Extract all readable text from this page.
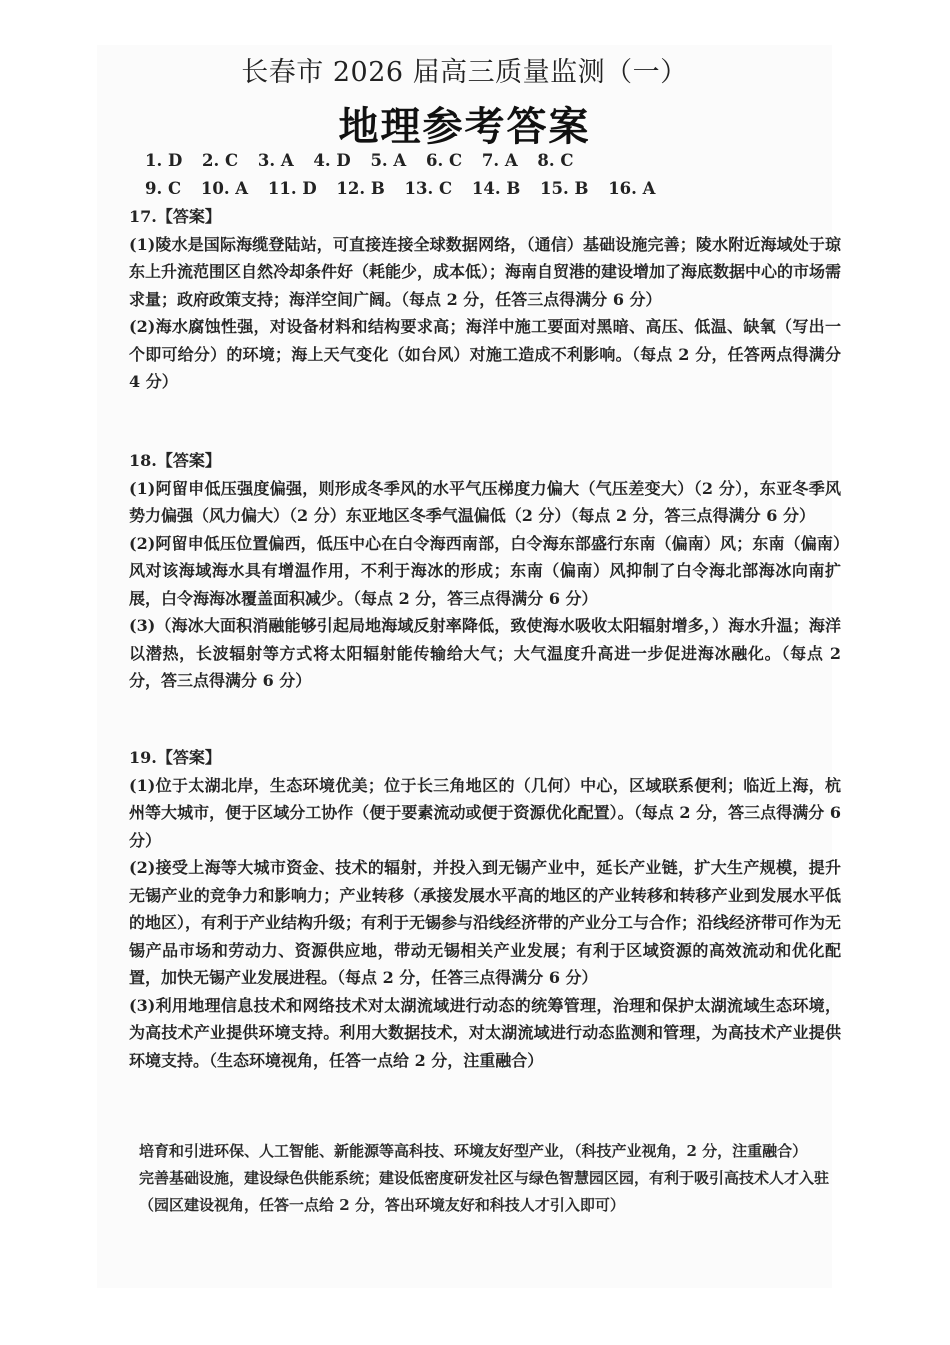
长春市 2026 届高三质量监测（一）
地理参考答案
1. D 2. C 3. A 4. D 5. A 6. C 7. A 8. C
9. C 10. A 11. D 12. B 13. C 14. B 15. B 16. A

17.【答案】

(1)陵水是国际海缆登陆站，可直接连接全球数据网络，（通信）基础设施完善；陵水附近海域处于琼东上升流范围区自然冷却条件好（耗能少，成本低）；海南自贸港的建设增加了海底数据中心的市场需求量；政府政策支持；海洋空间广阔。（每点 2 分，任答三点得满分 6 分）

(2)海水腐蚀性强，对设备材料和结构要求高；海洋中施工要面对黑暗、高压、低温、缺氧（写出一个即可给分）的环境；海上天气变化（如台风）对施工造成不利影响。（每点 2 分，任答两点得满分 4 分）

18.【答案】

(1)阿留申低压强度偏强，则形成冬季风的水平气压梯度力偏大（气压差变大）（2 分），东亚冬季风势力偏强（风力偏大）（2 分）东亚地区冬季气温偏低（2 分）（每点 2 分，答三点得满分 6 分）

(2)阿留申低压位置偏西，低压中心在白令海西南部，白令海东部盛行东南（偏南）风；东南（偏南）风对该海域海水具有增温作用，不利于海冰的形成；东南（偏南）风抑制了白令海北部海冰向南扩展，白令海海冰覆盖面积减少。（每点 2 分，答三点得满分 6 分）

(3)（海冰大面积消融能够引起局地海域反射率降低，致使海水吸收太阳辐射增多，）海水升温；海洋以潜热，长波辐射等方式将太阳辐射能传输给大气；大气温度升高进一步促进海冰融化。（每点 2 分，答三点得满分 6 分）

19.【答案】

(1)位于太湖北岸，生态环境优美；位于长三角地区的（几何）中心，区域联系便利；临近上海，杭州等大城市，便于区域分工协作（便于要素流动或便于资源优化配置）。（每点 2 分，答三点得满分 6 分）

(2)接受上海等大城市资金、技术的辐射，并投入到无锡产业中，延长产业链，扩大生产规模，提升无锡产业的竞争力和影响力；产业转移（承接发展水平高的地区的产业转移和转移产业到发展水平低的地区），有利于产业结构升级；有利于无锡参与沿线经济带的产业分工与合作；沿线经济带可作为无锡产品市场和劳动力、资源供应地，带动无锡相关产业发展；有利于区域资源的高效流动和优化配置，加快无锡产业发展进程。（每点 2 分，任答三点得满分 6 分）

(3)利用地理信息技术和网络技术对太湖流域进行动态的统筹管理，治理和保护太湖流域生态环境，为高技术产业提供环境支持。利用大数据技术，对太湖流域进行动态监测和管理，为高技术产业提供环境支持。（生态环境视角，任答一点给 2 分，注重融合）

培育和引进环保、人工智能、新能源等高科技、环境友好型产业，（科技产业视角，2 分，注重融合）

完善基础设施，建设绿色供能系统；建设低密度研发社区与绿色智慧园区园，有利于吸引高技术人才入驻（园区建设视角，任答一点给 2 分，答出环境友好和科技人才引入即可）
